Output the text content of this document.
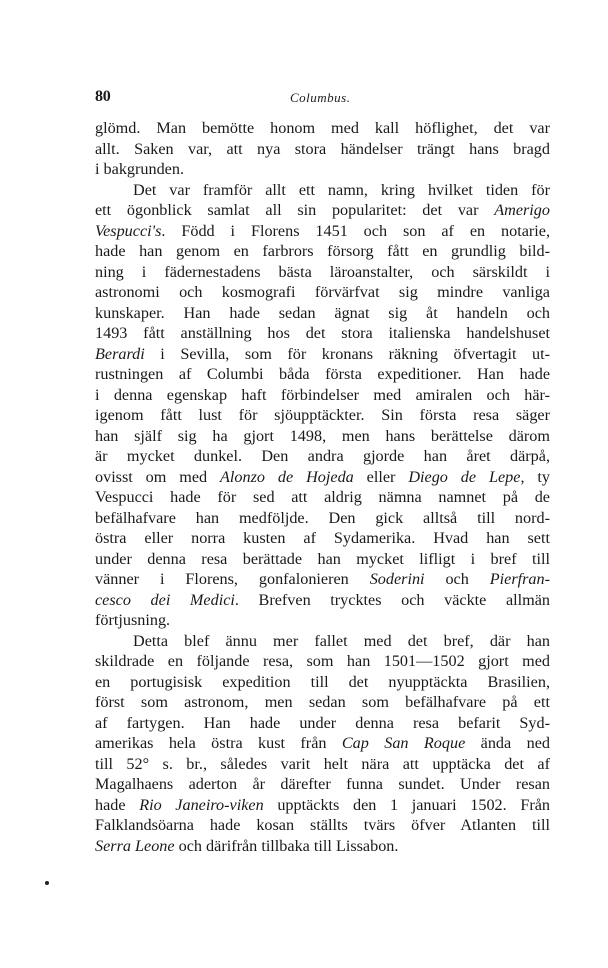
80	Columbus.
glömd. Man bemötte honom med kall höflighet, det var
allt. Saken var, att nya stora händelser trängt hans bragd
i bakgrunden.
Det var framför allt ett namn, kring hvilket tiden för
ett ögonblick samlat all sin popularitet: det var Amerigo
Vespucci's. Född i Florens 1451 och son af en notarie,
hade han genom en farbrors försorg fått en grundlig bild-
ning i fädernestadens bästa läroanstalter, och särskildt i
astronomi och kosmografi förvärfvat sig mindre vanliga
kunskaper. Han hade sedan ägnat sig åt handeln och
1493 fått anställning hos det stora italienska handelshuset
Berardi i Sevilla, som för kronans räkning öfvertagit ut-
rustningen af Columbi båda första expeditioner. Han hade
i denna egenskap haft förbindelser med amiralen och här-
igenom fått lust för sjöupptäckter. Sin första resa säger
han själf sig ha gjort 1498, men hans berättelse därom
är mycket dunkel. Den andra gjorde han året därpå,
ovisst om med Alonzo de Hojeda eller Diego de Lepe, ty
Vespucci hade för sed att aldrig nämna namnet på de
befälhafvare han medföljde. Den gick alltså till nord-
östra eller norra kusten af Sydamerika. Hvad han sett
under denna resa berättade han mycket lifligt i bref till
vänner i Florens, gonfalonieren Soderini och Pierfran-
cesco dei Medici. Brefven trycktes och väckte allmän
förtjusning.
Detta blef ännu mer fallet med det bref, där han
skildrade en följande resa, som han 1501—1502 gjort med
en portugisisk expedition till det nyupptäckta Brasilien,
först som astronom, men sedan som befälhafvare på ett
af fartygen. Han hade under denna resa befarit Syd-
amerikas hela östra kust från Cap San Roque ända ned
till 52° s. br., således varit helt nära att upptäcka det af
Magalhaens aderton år därefter funna sundet. Under resan
hade Rio Janeiro-viken upptäckts den 1 januari 1502. Från
Falklandsöarna hade kosan ställts tvärs öfver Atlanten till
Serra Leone och därifrån tillbaka till Lissabon.
